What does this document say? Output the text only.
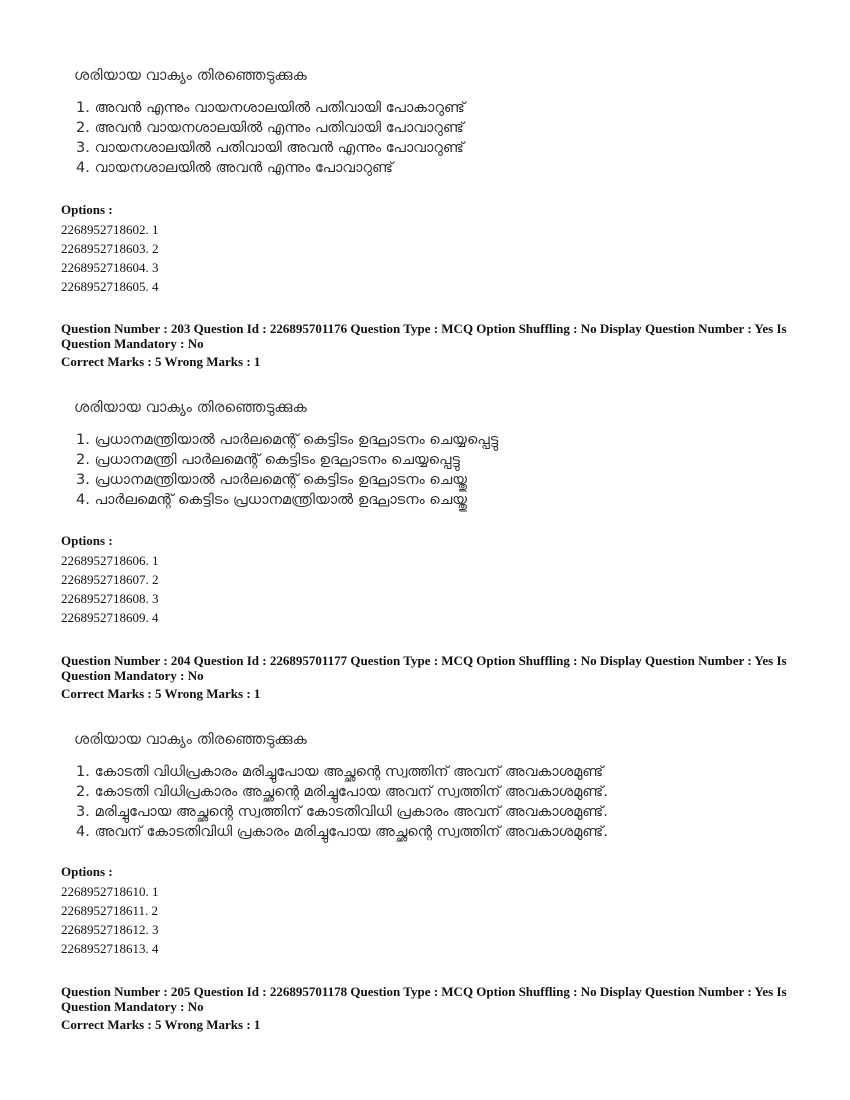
ശരിയായ വാക്യം തിരഞ്ഞെടുക്കുക
1. അവൻ എന്നും വായനശാലയിൽ പതിവായി പോകാറുണ്ട്
2. അവൻ വായനശാലയിൽ എന്നും പതിവായി പോവാറുണ്ട്
3. വായനശാലയിൽ പതിവായി അവൻ എന്നും പോവാറുണ്ട്
4. വായനശാലയിൽ അവൻ എന്നും പോവാറുണ്ട്
Options :
2268952718602. 1
2268952718603. 2
2268952718604. 3
2268952718605. 4
Question Number : 203 Question Id : 226895701176 Question Type : MCQ Option Shuffling : No Display Question Number : Yes Is
Question Mandatory : No
Correct Marks : 5 Wrong Marks : 1
ശരിയായ വാക്യം തിരഞ്ഞെടുക്കുക
1. പ്രധാനമന്ത്രിയാൽ പാർലമെന്റ് കെട്ടിടം ഉദ്ഘാടനം ചെയ്യപ്പെട്ടു
2. പ്രധാനമന്ത്രി പാർലമെന്റ് കെട്ടിടം ഉദ്ഘാടനം ചെയ്യപ്പെട്ടു
3. പ്രധാനമന്ത്രിയാൽ പാർലമെന്റ് കെട്ടിടം ഉദ്ഘാടനം ചെയ്തു
4. പാർലമെന്റ് കെട്ടിടം പ്രധാനമന്ത്രിയാൽ ഉദ്ഘാടനം ചെയ്തു
Options :
2268952718606. 1
2268952718607. 2
2268952718608. 3
2268952718609. 4
Question Number : 204 Question Id : 226895701177 Question Type : MCQ Option Shuffling : No Display Question Number : Yes Is
Question Mandatory : No
Correct Marks : 5 Wrong Marks : 1
ശരിയായ വാക്യം തിരഞ്ഞെടുക്കുക
1. കോടതി വിധിപ്രകാരം മരിച്ചുപോയ അച്ഛന്റെ സ്വത്തിന് അവന് അവകാശമുണ്ട്
2. കോടതി വിധിപ്രകാരം അച്ഛന്റെ മരിച്ചുപോയ അവന് സ്വത്തിന് അവകാശമുണ്ട്.
3. മരിച്ചുപോയ അച്ഛന്റെ സ്വത്തിന് കോടതിവിധി പ്രകാരം അവന് അവകാശമുണ്ട്.
4. അവന് കോടതിവിധി പ്രകാരം മരിച്ചുപോയ അച്ഛന്റെ സ്വത്തിന് അവകാശമുണ്ട്.
Options :
2268952718610. 1
2268952718611. 2
2268952718612. 3
2268952718613. 4
Question Number : 205 Question Id : 226895701178 Question Type : MCQ Option Shuffling : No Display Question Number : Yes Is
Question Mandatory : No
Correct Marks : 5 Wrong Marks : 1
